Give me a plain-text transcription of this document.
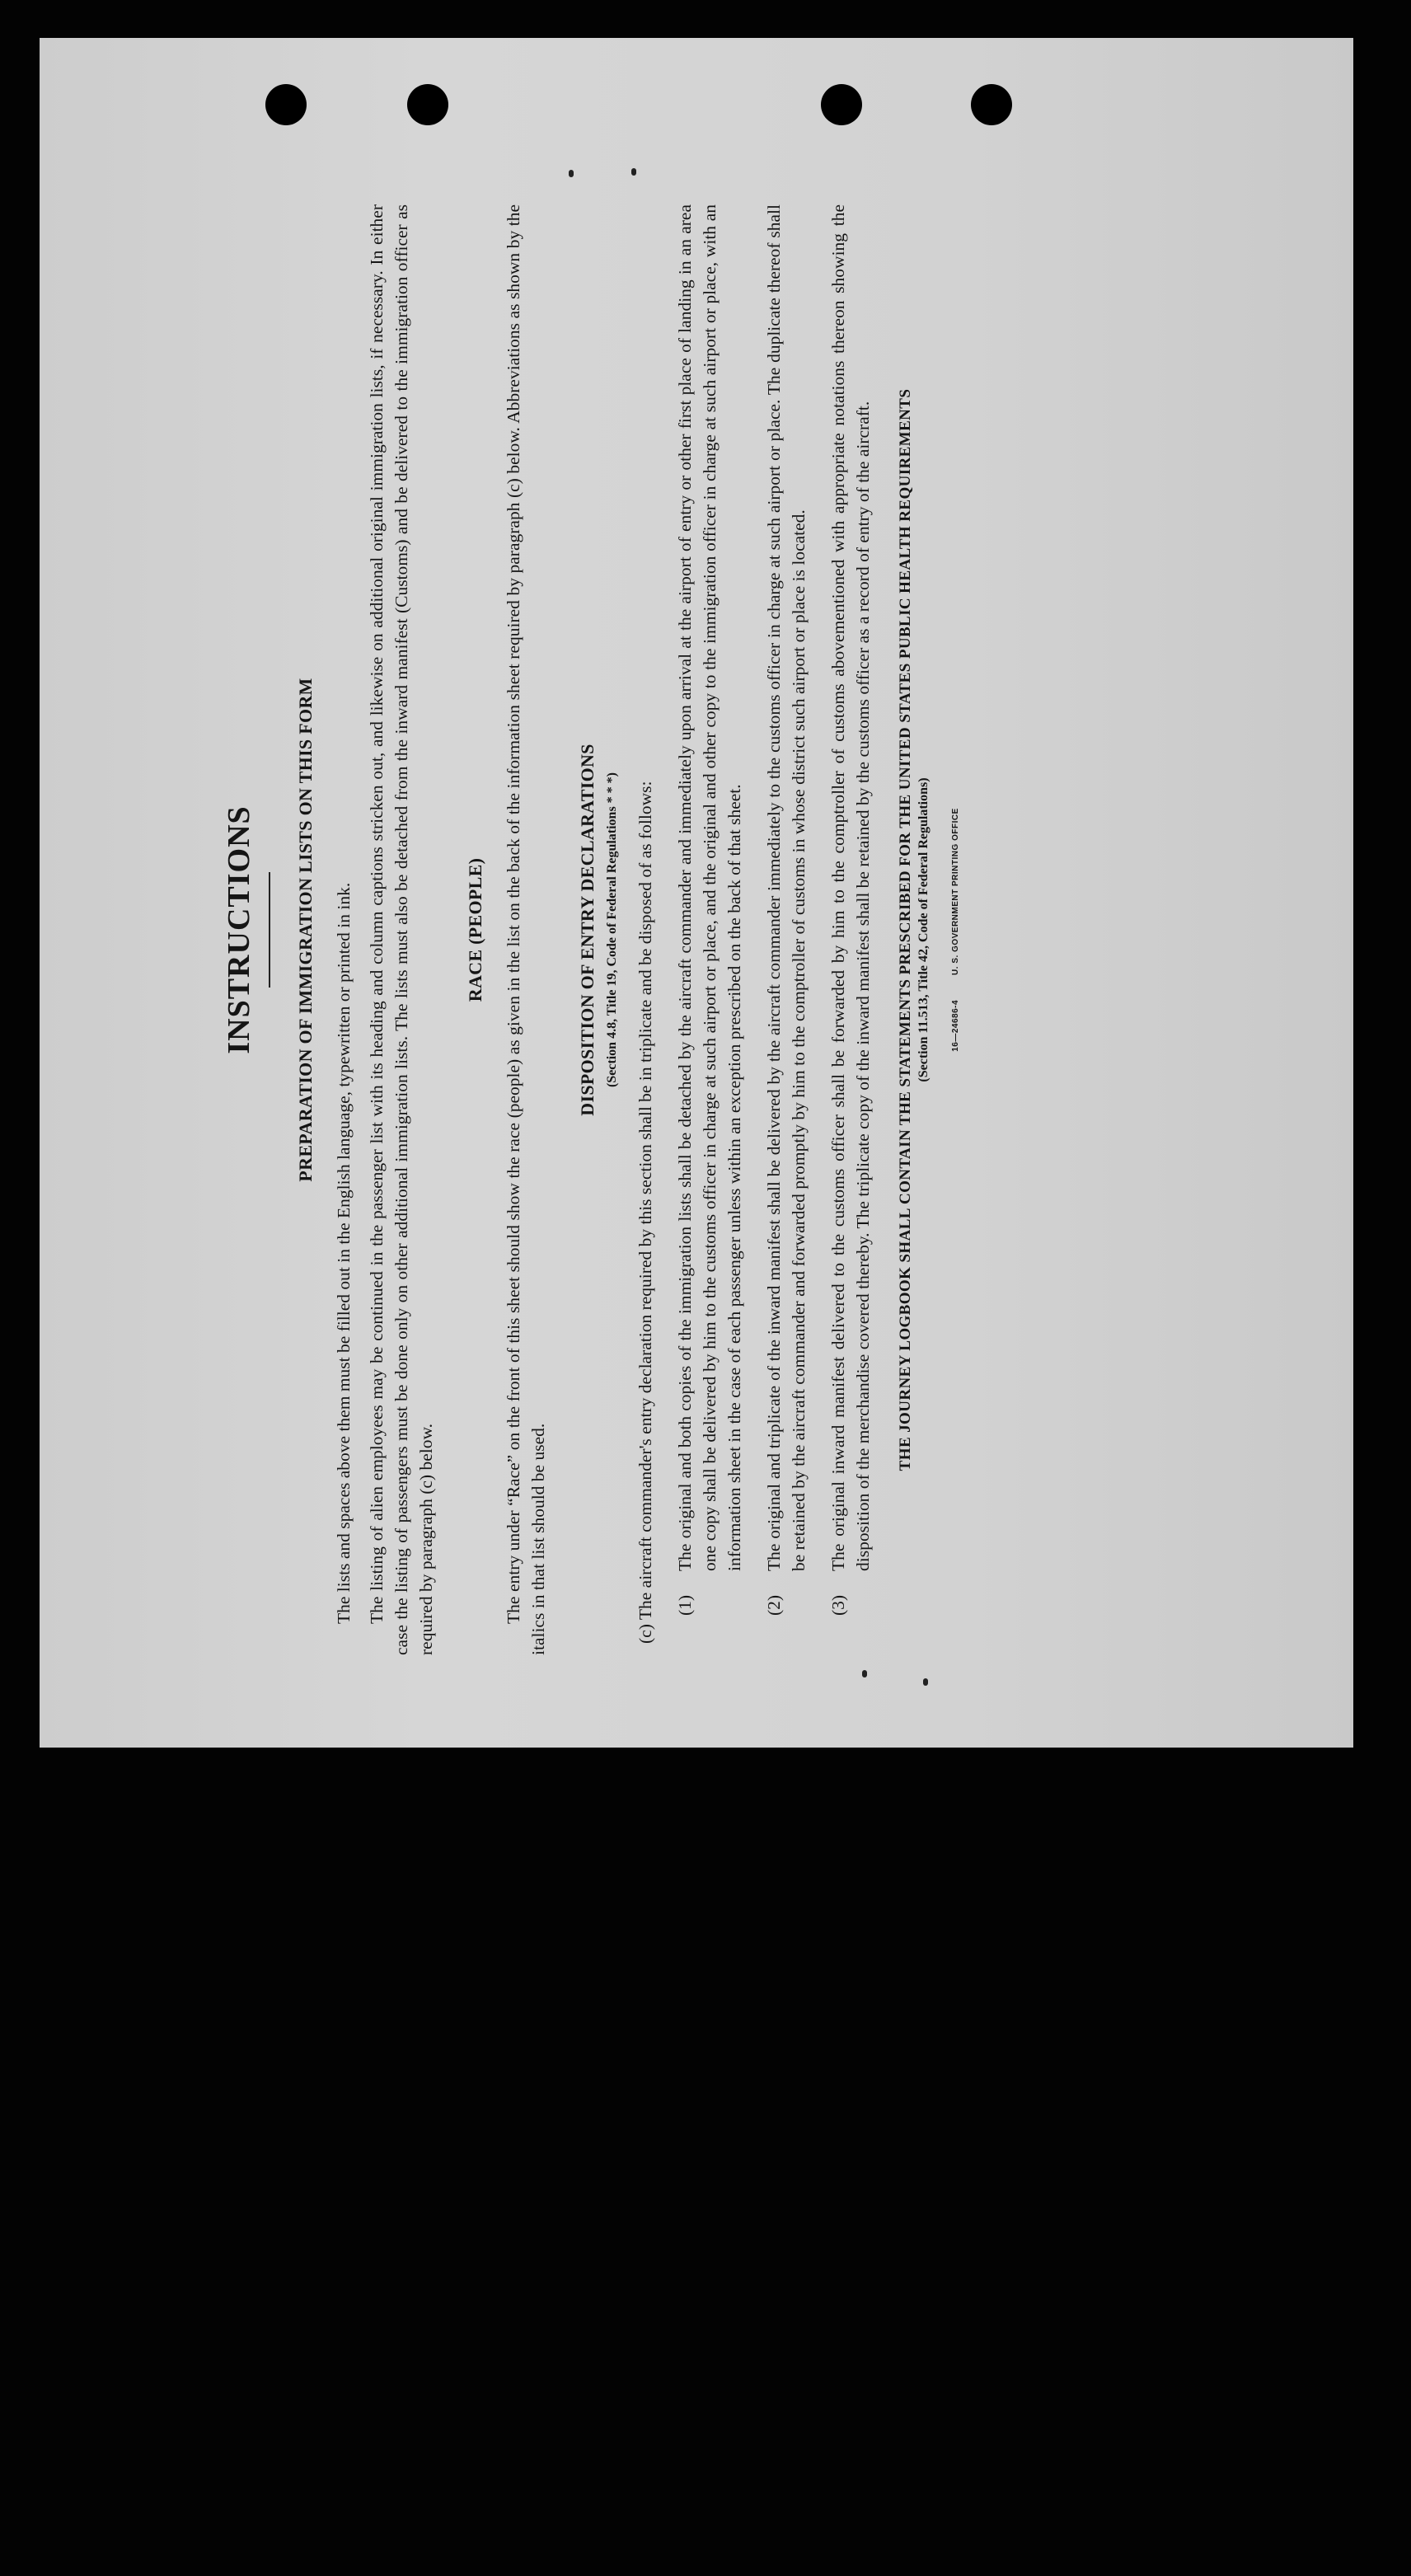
INSTRUCTIONS PREPARATION OF IMMIGRATION LISTS ON THIS FORM The lists and spaces above them must be filled out in the English language, typewritten or printed in ink. The listing of alien employees may be continued in the passenger list with its heading and column captions stricken out, and likewise on additional original immigration lists, if necessary. In either case the listing of passengers must be done only on other additional immigration lists. The lists must also be detached from the inward manifest (Customs) and be delivered to the immigration officer as required by paragraph (c) below.

RACE (PEOPLE) The entry under “Race” on the front of this sheet should show the race (people) as given in the list on the back of the information sheet required by paragraph (c) below. Abbreviations as shown by the italics in that list should be used.

DISPOSITION OF ENTRY DECLARATIONS (Section 4.8, Title 19, Code of Federal Regulations * * *) (c) The aircraft commander's entry declaration required by this section shall be in triplicate and be disposed of as follows: (1)
The original and both copies of the immigration lists shall be detached by the aircraft commander and immediately upon arrival at the airport of entry or other first place of landing in an area one copy shall be delivered by him to the customs officer in charge at such airport or place, and the original and other copy to the immigration officer in charge at such airport or place, with an information sheet in the case of each passenger unless within an exception prescribed on the back of that sheet.
(2)
The original and triplicate of the inward manifest shall be delivered by the aircraft commander immediately to the customs officer in charge at such airport or place. The duplicate thereof shall be retained by the aircraft commander and forwarded promptly by him to the comptroller of customs in whose district such airport or place is located.
(3)
The original inward manifest delivered to the customs officer shall be forwarded by him to the comptroller of customs abovementioned with appropriate notations thereon showing the disposition of the merchandise covered thereby. The triplicate copy of the inward manifest shall be retained by the customs officer as a record of entry of the aircraft. THE JOURNEY LOGBOOK SHALL CONTAIN THE STATEMENTS PRESCRIBED FOR THE UNITED STATES PUBLIC HEALTH REQUIREMENTS (Section 11.513, Title 42, Code of Federal Regulations)	16—24686-4
U. S. GOVERNMENT PRINTING OFFICE
